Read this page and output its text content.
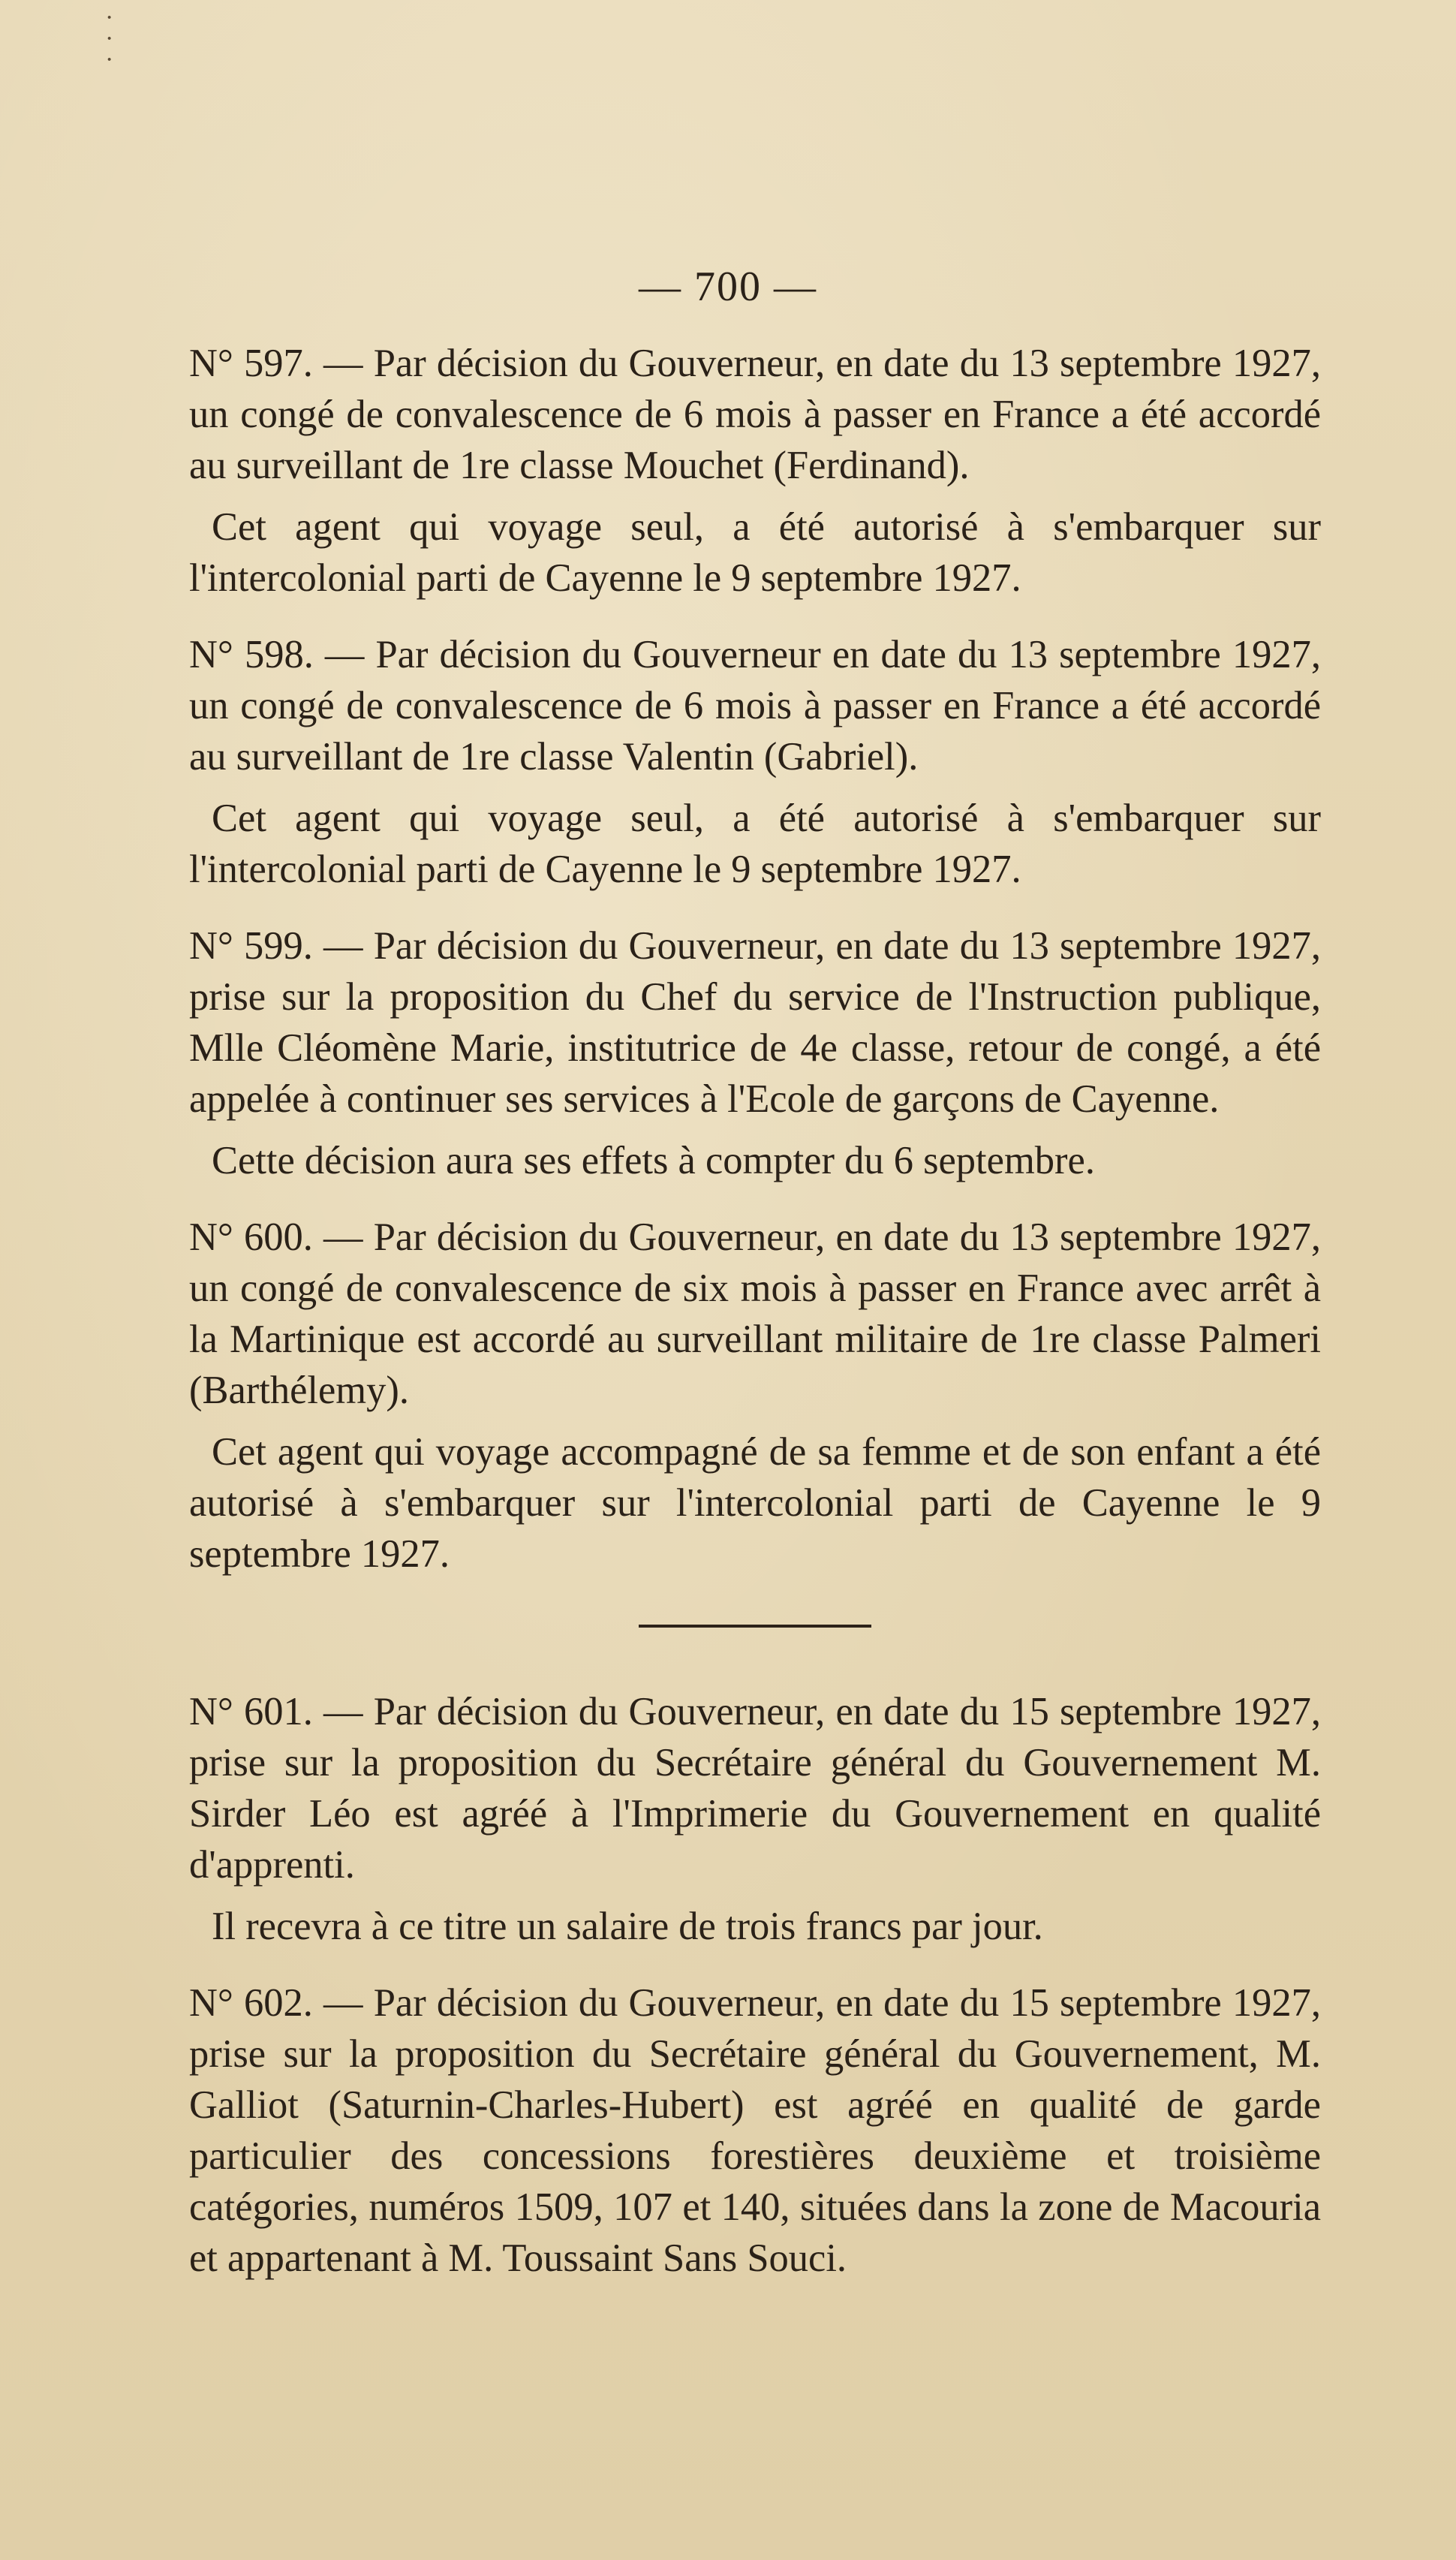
·
·
·
— 700 —

N° 597. — Par décision du Gouverneur, en date du 13 septembre 1927, un congé de convalescence de 6 mois à passer en France a été accordé au surveillant de 1re classe Mouchet (Ferdinand).

Cet agent qui voyage seul, a été autorisé à s'embarquer sur l'intercolonial parti de Cayenne le 9 septembre 1927.

N° 598. — Par décision du Gouverneur en date du 13 septembre 1927, un congé de convalescence de 6 mois à passer en France a été accordé au surveillant de 1re classe Valentin (Gabriel).

Cet agent qui voyage seul, a été autorisé à s'embarquer sur l'intercolonial parti de Cayenne le 9 septembre 1927.

N° 599. — Par décision du Gouverneur, en date du 13 septembre 1927, prise sur la proposition du Chef du service de l'Instruction publique, Mlle Cléomène Marie, institutrice de 4e classe, retour de congé, a été appelée à continuer ses services à l'Ecole de garçons de Cayenne.

Cette décision aura ses effets à compter du 6 septembre.

N° 600. — Par décision du Gouverneur, en date du 13 septembre 1927, un congé de convalescence de six mois à passer en France avec arrêt à la Martinique est accordé au surveillant militaire de 1re classe Palmeri (Barthélemy).

Cet agent qui voyage accompagné de sa femme et de son enfant a été autorisé à s'embarquer sur l'intercolonial parti de Cayenne le 9 septembre 1927.

N° 601. — Par décision du Gouverneur, en date du 15 septembre 1927, prise sur la proposition du Secrétaire général du Gouvernement M. Sirder Léo est agréé à l'Imprimerie du Gouvernement en qualité d'apprenti.

Il recevra à ce titre un salaire de trois francs par jour.

N° 602. — Par décision du Gouverneur, en date du 15 septembre 1927, prise sur la proposition du Secrétaire général du Gouvernement, M. Galliot (Saturnin-Charles-Hubert) est agréé en qualité de garde particulier des concessions forestières deuxième et troisième catégories, numéros 1509, 107 et 140, situées dans la zone de Macouria et appartenant à M. Toussaint Sans Souci.
